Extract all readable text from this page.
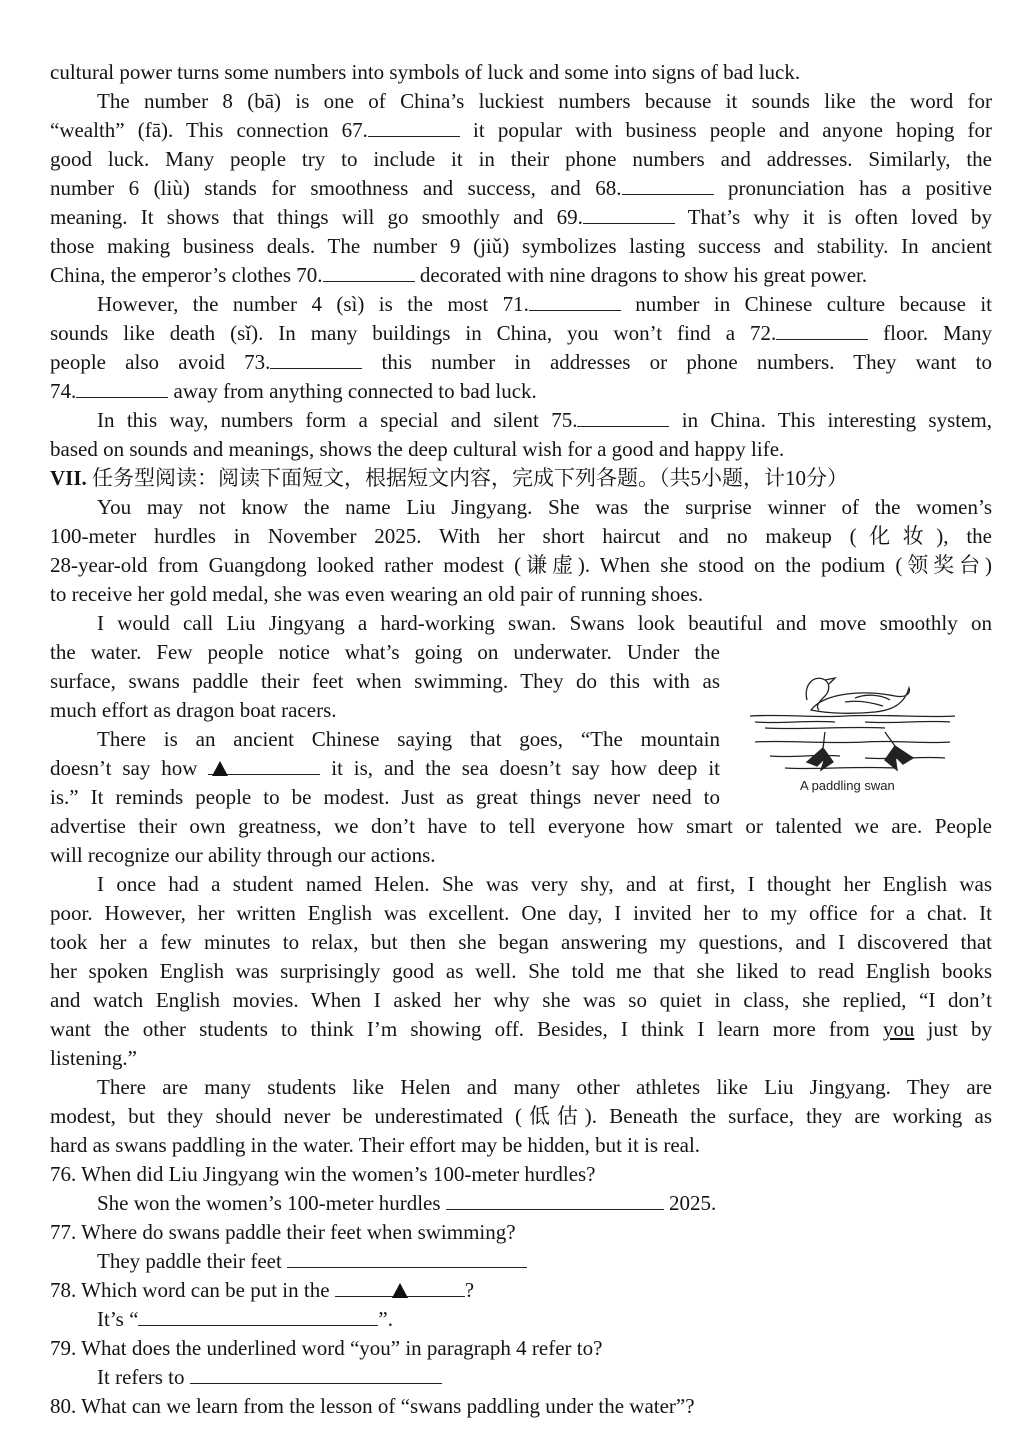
cultural power turns some numbers into symbols of luck and some into signs of bad luck.

The number 8 (bā) is one of China’s luckiest numbers because it sounds like the word for

“wealth” (fā). This connection 67.	it popular with business people and anyone hoping for

good luck. Many people try to include it in their phone numbers and addresses. Similarly, the

number 6 (liù) stands for smoothness and success, and 68.	pronunciation has a positive

meaning. It shows that things will go smoothly and 69.	That’s why it is often loved by

those making business deals. The number 9 (jiǔ) symbolizes lasting success and stability. In ancient

China, the emperor’s clothes 70.	decorated with nine dragons to show his great power.

However, the number 4 (sì) is the most 71.	number in Chinese culture because it

sounds like death (sǐ). In many buildings in China, you won’t find a 72.	floor. Many

people also avoid 73.	this number in addresses or phone numbers. They want to

74.	away from anything connected to bad luck.

In this way, numbers form a special and silent 75.	in China. This interesting system,

based on sounds and meanings, shows the deep cultural wish for a good and happy life.

VII. 任务型阅读：阅读下面短文，根据短文内容，完成下列各题。（共5小题，计10分）

You may not know the name Liu Jingyang. She was the surprise winner of the women’s

100-meter hurdles in November 2025. With her short haircut and no makeup (化妆), the

28-year-old from Guangdong looked rather modest (谦虚). When she stood on the podium (领奖台)

to receive her gold medal, she was even wearing an old pair of running shoes.

I would call Liu Jingyang a hard-working swan. Swans look beautiful and move smoothly on

the water. Few people notice what’s going on underwater. Under the

surface, swans paddle their feet when swimming. They do this with as

much effort as dragon boat racers.

There is an ancient Chinese saying that goes, “The mountain

doesn’t say how	it is, and the sea doesn’t say how deep it

is.” It reminds people to be modest. Just as great things never need to

advertise their own greatness, we don’t have to tell everyone how smart or talented we are. People

will recognize our ability through our actions.

I once had a student named Helen. She was very shy, and at first, I thought her English was

poor. However, her written English was excellent. One day, I invited her to my office for a chat. It

took her a few minutes to relax, but then she began answering my questions, and I discovered that

her spoken English was surprisingly good as well. She told me that she liked to read English books

and watch English movies. When I asked her why she was so quiet in class, she replied, “I don’t

want the other students to think I’m showing off. Besides, I think I learn more from you just by

listening.”

There are many students like Helen and many other athletes like Liu Jingyang. They are

modest, but they should never be underestimated (低估). Beneath the surface, they are working as

hard as swans paddling in the water. Their effort may be hidden, but it is real.

A paddling swan

76. When did Liu Jingyang win the women’s 100-meter hurdles?

She won the women’s 100-meter hurdles	2025.

77. Where do swans paddle their feet when swimming?

They paddle their feet

78. Which word can be put in the	?

It’s “	”.

79. What does the underlined word “you” in paragraph 4 refer to?

It refers to

80. What can we learn from the lesson of “swans paddling under the water”?
